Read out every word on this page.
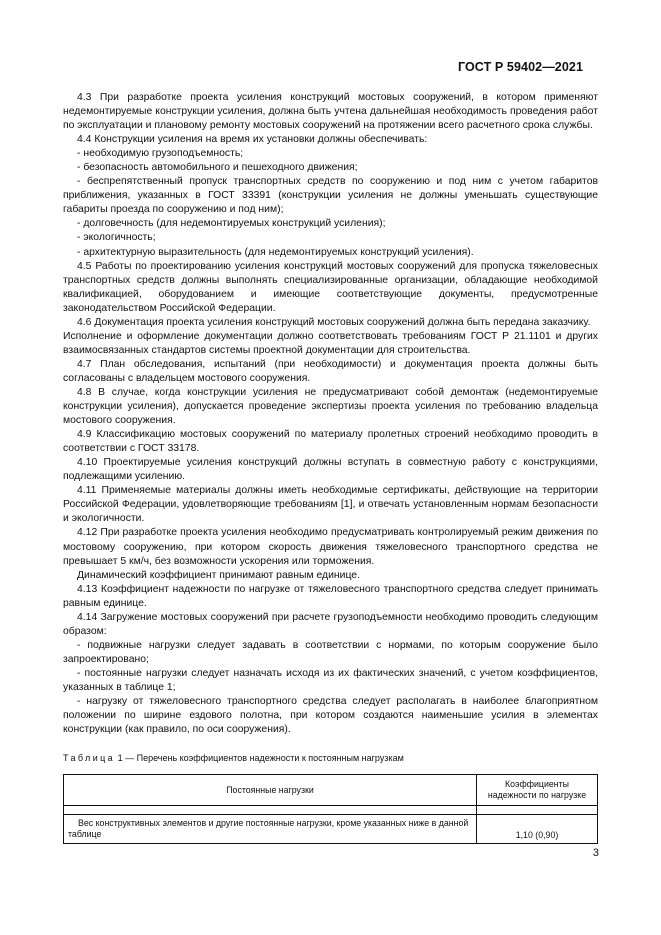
ГОСТ Р 59402—2021

4.3 При разработке проекта усиления конструкций мостовых сооружений, в котором применяют недемонтируемые конструкции усиления, должна быть учтена дальнейшая необходимость проведения работ по эксплуатации и плановому ремонту мостовых сооружений на протяжении всего расчетного срока службы.

4.4 Конструкции усиления на время их установки должны обеспечивать:

- необходимую грузоподъемность;

- безопасность автомобильного и пешеходного движения;

- беспрепятственный пропуск транспортных средств по сооружению и под ним с учетом габаритов приближения, указанных в ГОСТ 33391 (конструкции усиления не должны уменьшать существующие габариты проезда по сооружению и под ним);

- долговечность (для недемонтируемых конструкций усиления);

- экологичность;

- архитектурную выразительность (для недемонтируемых конструкций усиления).

4.5 Работы по проектированию усиления конструкций мостовых сооружений для пропуска тяжеловесных транспортных средств должны выполнять специализированные организации, обладающие необходимой квалификацией, оборудованием и имеющие соответствующие документы, предусмотренные законодательством Российской Федерации.

4.6 Документация проекта усиления конструкций мостовых сооружений должна быть передана заказчику.

Исполнение и оформление документации должно соответствовать требованиям ГОСТ Р 21.1101 и других взаимосвязанных стандартов системы проектной документации для строительства.

4.7 План обследования, испытаний (при необходимости) и документация проекта должны быть согласованы с владельцем мостового сооружения.

4.8 В случае, когда конструкции усиления не предусматривают собой демонтаж (недемонтируемые конструкции усиления), допускается проведение экспертизы проекта усиления по требованию владельца мостового сооружения.

4.9 Классификацию мостовых сооружений по материалу пролетных строений необходимо проводить в соответствии с ГОСТ 33178.

4.10 Проектируемые усиления конструкций должны вступать в совместную работу с конструкциями, подлежащими усилению.

4.11 Применяемые материалы должны иметь необходимые сертификаты, действующие на территории Российской Федерации, удовлетворяющие требованиям [1], и отвечать установленным нормам безопасности и экологичности.

4.12 При разработке проекта усиления необходимо предусматривать контролируемый режим движения по мостовому сооружению, при котором скорость движения тяжеловесного транспортного средства не превышает 5 км/ч, без возможности ускорения или торможения.

Динамический коэффициент принимают равным единице.

4.13 Коэффициент надежности по нагрузке от тяжеловесного транспортного средства следует принимать равным единице.

4.14 Загружение мостовых сооружений при расчете грузоподъемности необходимо проводить следующим образом:

- подвижные нагрузки следует задавать в соответствии с нормами, по которым сооружение было запроектировано;

- постоянные нагрузки следует назначать исходя из их фактических значений, с учетом коэффициентов, указанных в таблице 1;

- нагрузку от тяжеловесного транспортного средства следует располагать в наиболее благоприятном положении по ширине ездового полотна, при котором создаются наименьшие усилия в элементах конструкции (как правило, по оси сооружения).

Таблица 1 — Перечень коэффициентов надежности к постоянным нагрузкам
Постоянные нагрузки	Коэффициенты надежности по нагрузке

Вес конструктивных элементов и другие постоянные нагрузки, кроме указанных ниже в данной таблице	1,10 (0,90)
3
